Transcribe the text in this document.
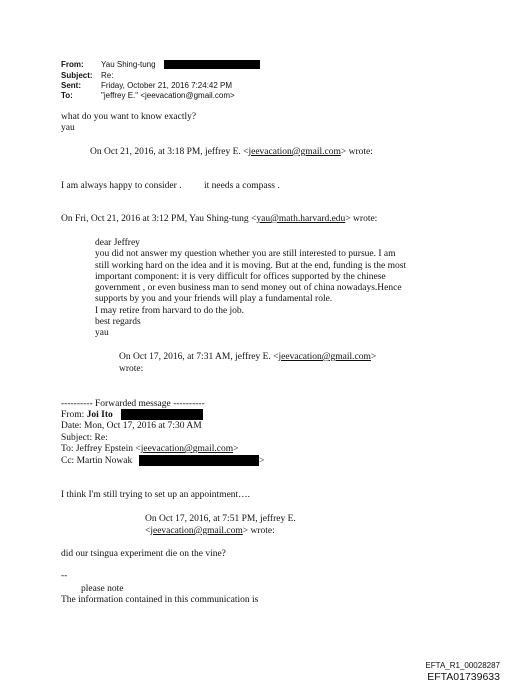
From: Yau Shing-tung
Subject: Re:
Sent:	Friday, October 21, 2016 7:24:42 PM
To:	"jeffrey E." <jeevacation@gmail.com>
what do you want to know exactly?
yau
On Oct 21, 2016, at 3:18 PM, jeffrey E. <jeevacation@gmail.com> wrote:
I am always happy to consider . it needs a compass .
On Fri, Oct 21, 2016 at 3:12 PM, Yau Shing-tung <yau@math.harvard.edu> wrote:
dear Jeffrey
you did not answer my question whether you are still interested to pursue. I am
still working hard on the idea and it is moving. But at the end, funding is the most
important component: it is very difficult for offices supported by the chinese
government , or even business man to send money out of china nowadays.Hence
supports by you and your friends will play a fundamental role.
I may retire from harvard to do the job.
best regards
yau
On Oct 17, 2016, at 7:31 AM, jeffrey E. <jeevacation@gmail.com>
wrote:
---------- Forwarded message ----------
From: Joi Ito
Date: Mon, Oct 17, 2016 at 7:30 AM
Subject: Re:
To: Jeffrey Epstein <jeevacation@gmail.com>
Cc: Martin Nowak	>
I think I'm still trying to set up an appointment….
On Oct 17, 2016, at 7:51 PM, jeffrey E.
<jeevacation@gmail.com> wrote:
did our tsingua experiment die on the vine?
--
please note
The information contained in this communication is
EFTA_R1_00028287
EFTA01739633
